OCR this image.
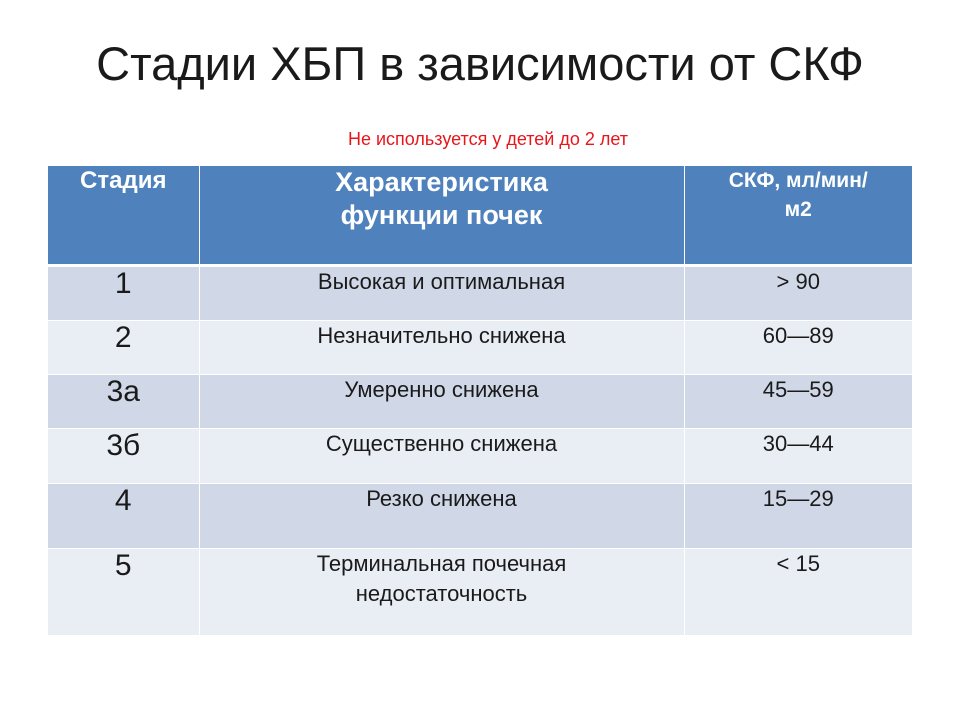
Стадии ХБП в зависимости от СКФ
Не используется у детей до 2 лет
Стадия	Характеристика функции почек	СКФ, мл/мин/ м2

1	Высокая и оптимальная	> 90
2	Незначительно снижена	60—89
3а	Умеренно снижена	45—59
3б	Существенно снижена	30—44
4	Резко снижена	15—29
5	Терминальная почечная недостаточность	< 15
